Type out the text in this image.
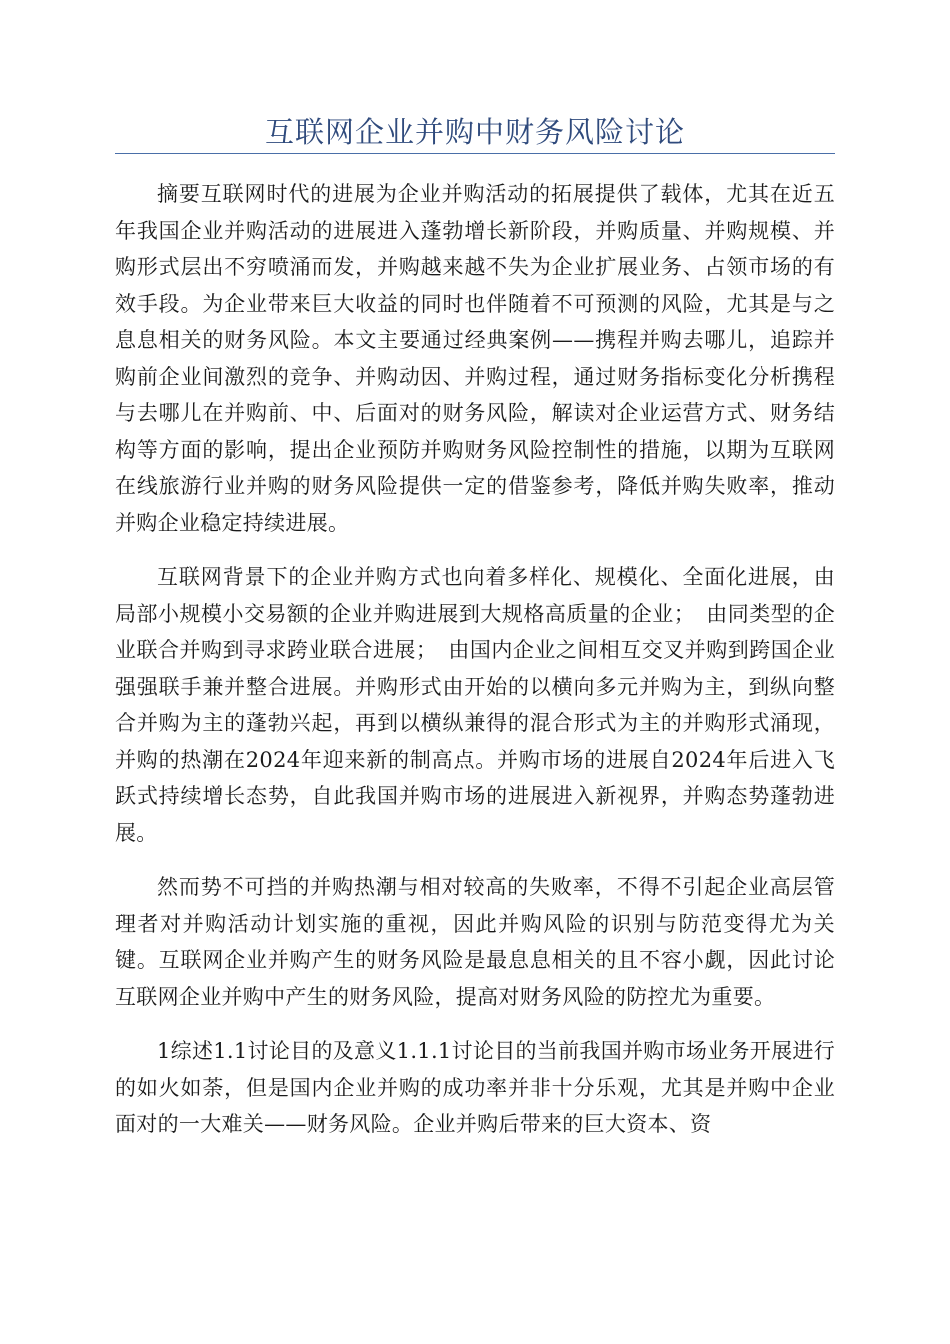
互联网企业并购中财务风险讨论

摘要互联网时代的进展为企业并购活动的拓展提供了载体，尤其在近五年我国企业并购活动的进展进入蓬勃增长新阶段，并购质量、并购规模、并购形式层出不穷喷涌而发，并购越来越不失为企业扩展业务、占领市场的有效手段。为企业带来巨大收益的同时也伴随着不可预测的风险，尤其是与之息息相关的财务风险。本文主要通过经典案例——携程并购去哪儿，追踪并购前企业间激烈的竞争、并购动因、并购过程，通过财务指标变化分析携程与去哪儿在并购前、中、后面对的财务风险，解读对企业运营方式、财务结构等方面的影响，提出企业预防并购财务风险控制性的措施，以期为互联网在线旅游行业并购的财务风险提供一定的借鉴参考，降低并购失败率，推动并购企业稳定持续进展。

互联网背景下的企业并购方式也向着多样化、规模化、全面化进展，由局部小规模小交易额的企业并购进展到大规格高质量的企业；　由同类型的企业联合并购到寻求跨业联合进展；　由国内企业之间相互交叉并购到跨国企业强强联手兼并整合进展。并购形式由开始的以横向多元并购为主，到纵向整合并购为主的蓬勃兴起，再到以横纵兼得的混合形式为主的并购形式涌现，并购的热潮在2024年迎来新的制高点。并购市场的进展自2024年后进入飞跃式持续增长态势，自此我国并购市场的进展进入新视界，并购态势蓬勃进展。

然而势不可挡的并购热潮与相对较高的失败率，不得不引起企业高层管理者对并购活动计划实施的重视，因此并购风险的识别与防范变得尤为关键。互联网企业并购产生的财务风险是最息息相关的且不容小觑，因此讨论互联网企业并购中产生的财务风险，提高对财务风险的防控尤为重要。

1综述1.1讨论目的及意义1.1.1讨论目的当前我国并购市场业务开展进行的如火如荼，但是国内企业并购的成功率并非十分乐观，尤其是并购中企业面对的一大难关——财务风险。企业并购后带来的巨大资本、资
